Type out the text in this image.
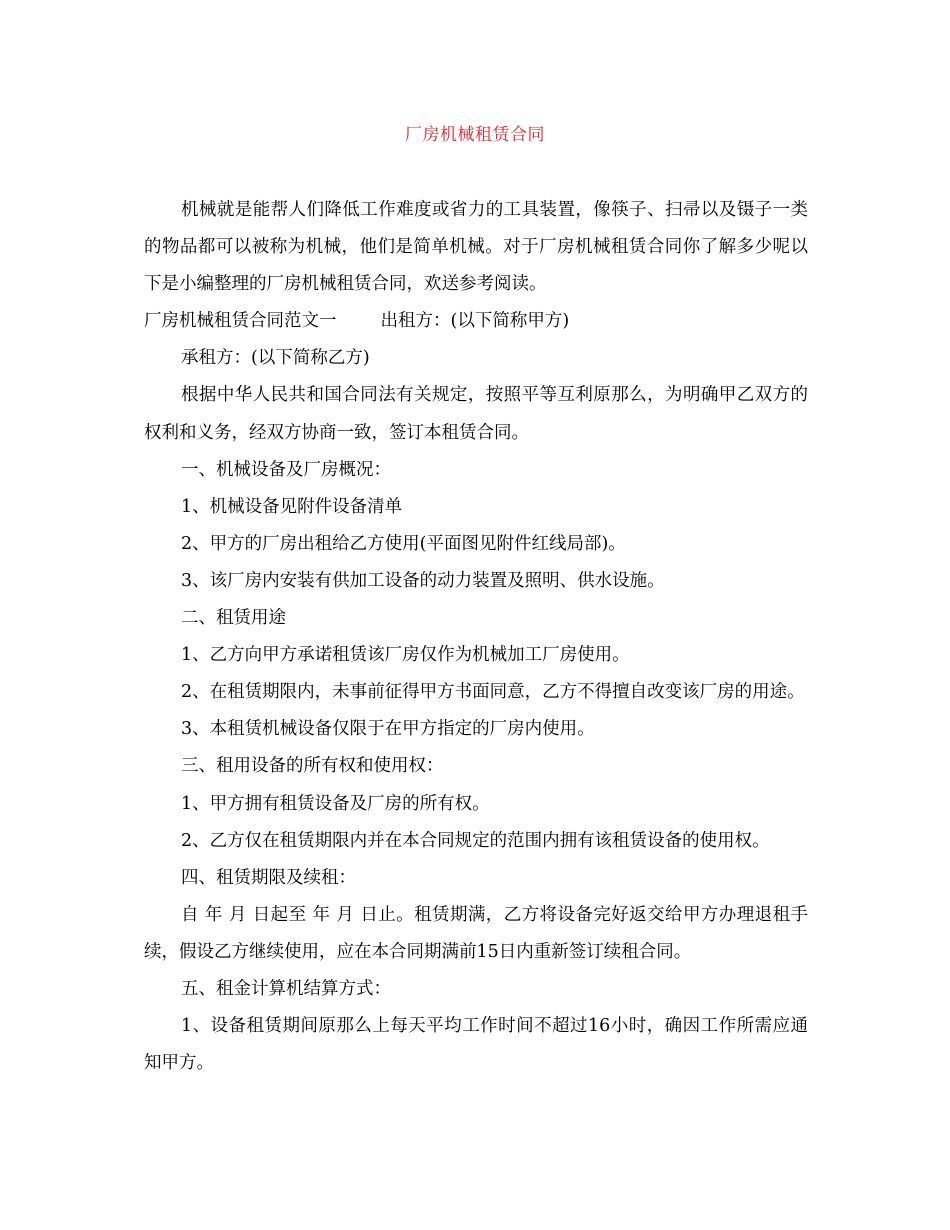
厂房机械租赁合同

机械就是能帮人们降低工作难度或省力的工具装置，像筷子、扫帚以及镊子一类的物品都可以被称为机械，他们是简单机械。对于厂房机械租赁合同你了解多少呢以下是小编整理的厂房机械租赁合同，欢送参考阅读。

厂房机械租赁合同范文一	出租方：(以下简称甲方)

承租方：(以下简称乙方)

根据中华人民共和国合同法有关规定，按照平等互利原那么，为明确甲乙双方的权利和义务，经双方协商一致，签订本租赁合同。

一、机械设备及厂房概况：

1、机械设备见附件设备清单

2、甲方的厂房出租给乙方使用(平面图见附件红线局部)。

3、该厂房内安装有供加工设备的动力装置及照明、供水设施。

二、租赁用途

1、乙方向甲方承诺租赁该厂房仅作为机械加工厂房使用。

2、在租赁期限内，未事前征得甲方书面同意，乙方不得擅自改变该厂房的用途。

3、本租赁机械设备仅限于在甲方指定的厂房内使用。

三、租用设备的所有权和使用权：

1、甲方拥有租赁设备及厂房的所有权。

2、乙方仅在租赁期限内并在本合同规定的范围内拥有该租赁设备的使用权。

四、租赁期限及续租：

自 年 月 日起至 年 月 日止。租赁期满，乙方将设备完好返交给甲方办理退租手续，假设乙方继续使用，应在本合同期满前15日内重新签订续租合同。

五、租金计算机结算方式：

1、设备租赁期间原那么上每天平均工作时间不超过16小时，确因工作所需应通知甲方。
